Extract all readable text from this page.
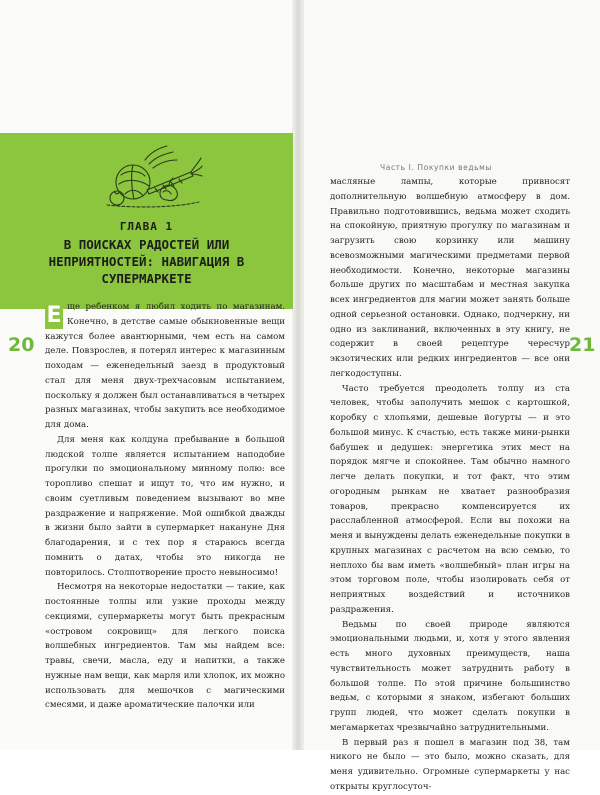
ГЛАВА 1
В ПОИСКАХ РАДОСТЕЙ ИЛИ НЕПРИЯТНОСТЕЙ: НАВИГАЦИЯ В СУПЕРМАРКЕТЕ
20

Е ще ребенком я любил ходить по магазинам. Конечно, в детстве самые обыкновенные вещи кажутся более авантюрными, чем есть на самом деле. Повзрослев, я потерял интерес к магазинным походам — еженедельный заезд в продуктовый стал для меня двух-трехчасовым испытанием, поскольку я должен был останавливаться в четырех разных магазинах, чтобы закупить все необходимое для дома.

Для меня как колдуна пребывание в большой людской толпе является испытанием наподобие прогулки по эмоциональному минному полю: все торопливо спешат и ищут то, что им нужно, и своим суетливым поведением вызывают во мне раздражение и напряжение. Мой ошибкой дважды в жизни было зайти в супермаркет накануне Дня благодарения, и с тех пор я стараюсь всегда помнить о датах, чтобы это никогда не повторилось. Столпотворение просто невыносимо!

Несмотря на некоторые недостатки — такие, как постоянные толпы или узкие проходы между секциями, супермаркеты могут быть прекрасным «островом сокровищ» для легкого поиска волшебных ингредиентов. Там мы найдем все: травы, свечи, масла, еду и напитки, а также нужные нам вещи, как марля или хлопок, их можно использовать для мешочков с магическими смесями, и даже ароматические палочки или

Часть I. Покупки ведьмы
21

масляные лампы, которые привносят дополнительную волшебную атмосферу в дом. Правильно подготовившись, ведьма может сходить на спокойную, приятную прогулку по магазинам и загрузить свою корзинку или машину всевозможными магическими предметами первой необходимости. Конечно, некоторые магазины больше других по масштабам и местная закупка всех ингредиентов для магии может занять больше одной серьезной остановки. Однако, подчеркну, ни одно из заклинаний, включенных в эту книгу, не содержит в своей рецептуре чересчур экзотических или редких ингредиентов — все они легкодоступны.

Часто требуется преодолеть толпу из ста человек, чтобы заполучить мешок с картошкой, коробку с хлопьями, дешевые йогурты — и это большой минус. К счастью, есть также мини-рынки бабушек и дедушек: энергетика этих мест на порядок мягче и спокойнее. Там обычно намного легче делать покупки, и тот факт, что этим огородным рынкам не хватает разнообразия товаров, прекрасно компенсируется их расслабленной атмосферой. Если вы похожи на меня и вынуждены делать еженедельные покупки в крупных магазинах с расчетом на всю семью, то неплохо бы вам иметь «волшебный» план игры на этом торговом поле, чтобы изолировать себя от неприятных воздействий и источников раздражения.

Ведьмы по своей природе являются эмоциональными людьми, и, хотя у этого явления есть много духовных преимуществ, наша чувствительность может затруднить работу в большой толпе. По этой причине большинство ведьм, с которыми я знаком, избегают больших групп людей, что может сделать покупки в мегамаркетах чрезвычайно затруднительными.

В первый раз я пошел в магазин под 38, там никого не было — это было, можно сказать, для меня удивительно. Огромные супермаркеты у нас открыты круглосуточ-
